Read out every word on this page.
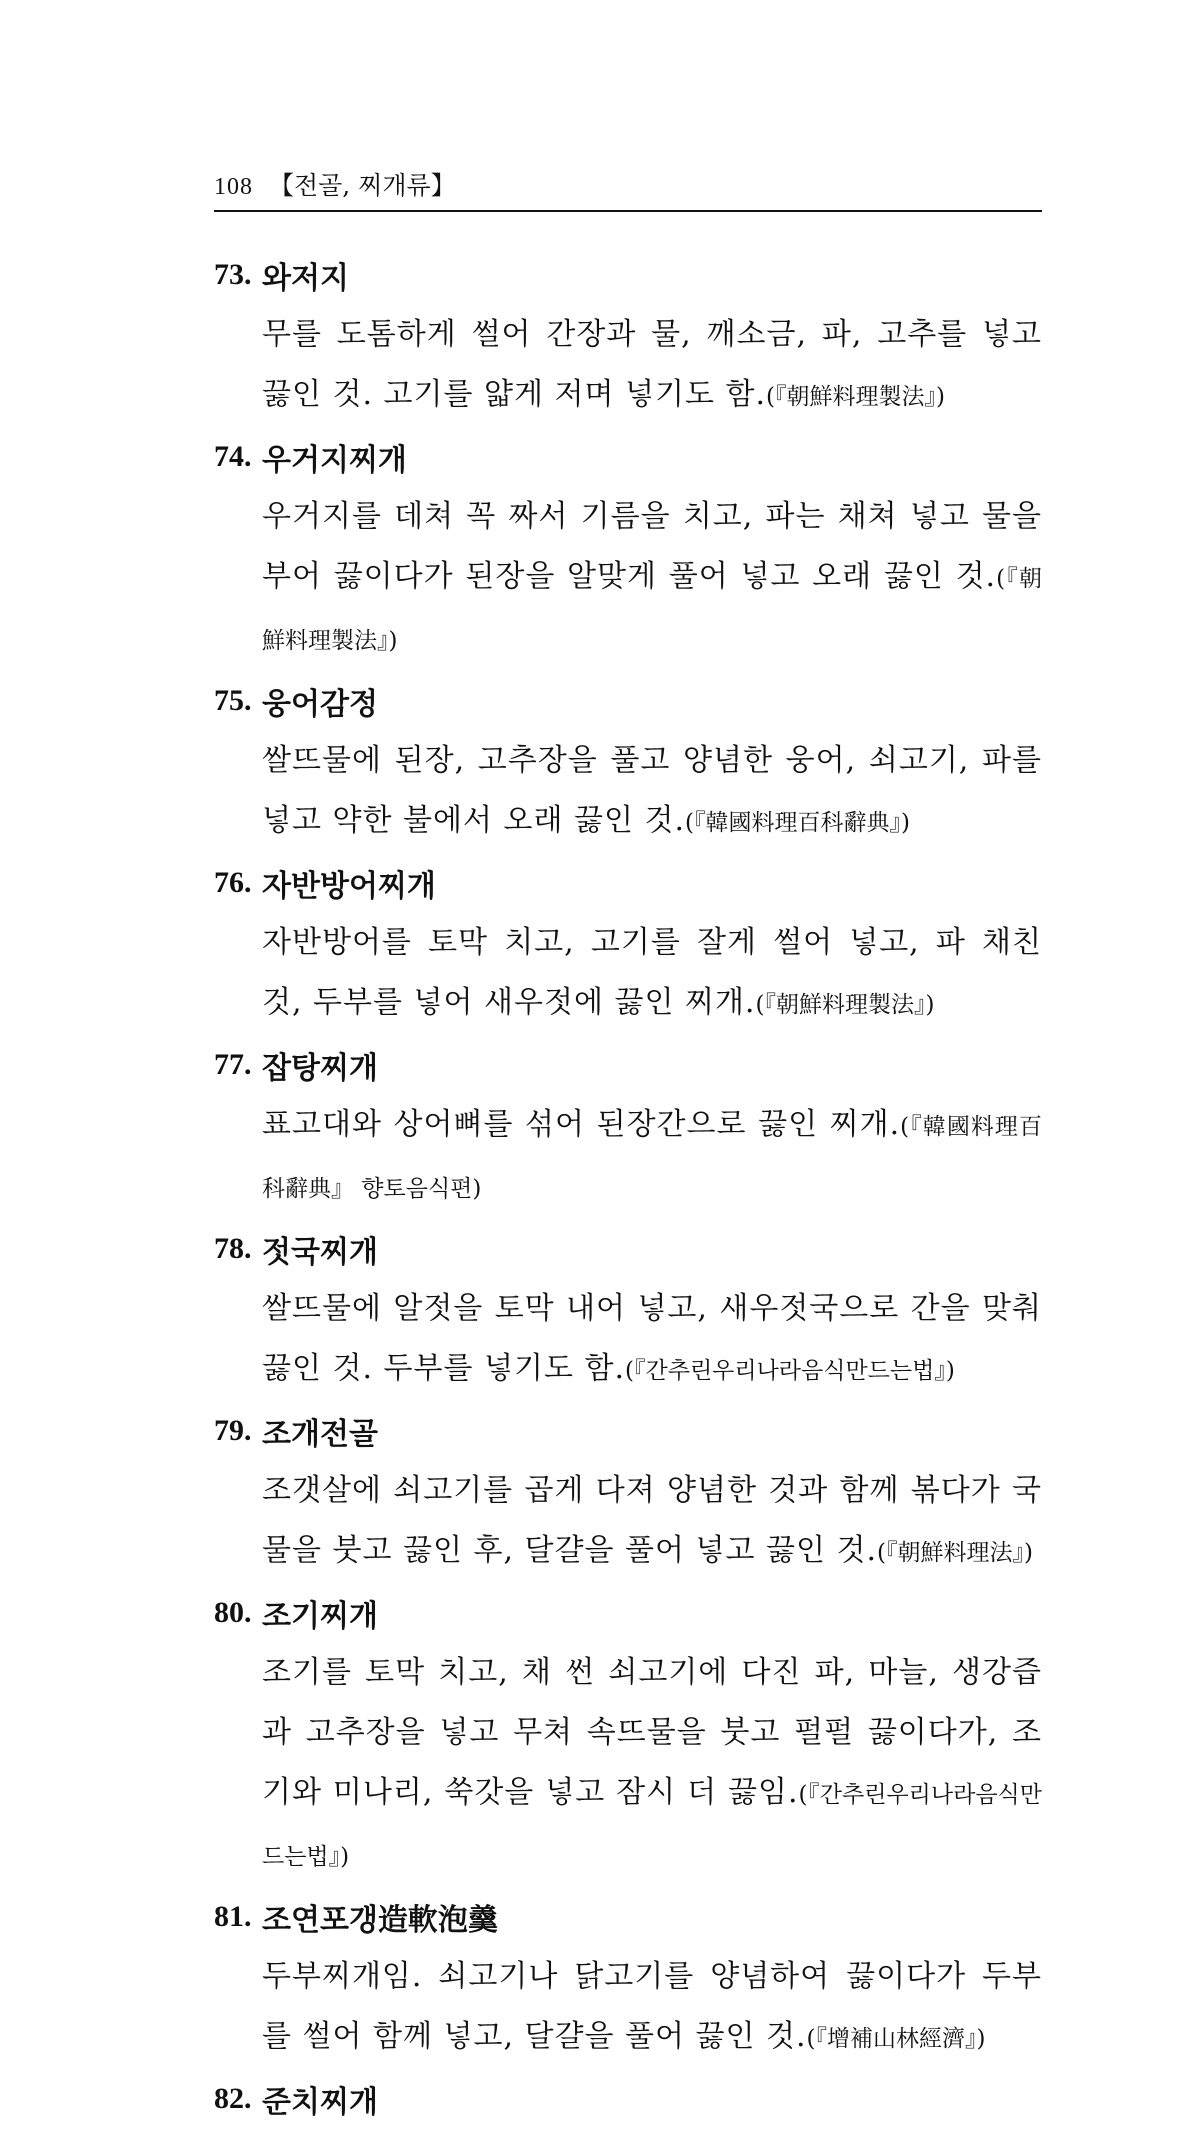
108 【전골, 찌개류】
73. 와저지
무를 도톰하게 썰어 간장과 물, 깨소금, 파, 고추를 넣고 끓인 것. 고기를 얇게 저며 넣기도 함.(『朝鮮料理製法』)
74. 우거지찌개
우거지를 데쳐 꼭 짜서 기름을 치고, 파는 채쳐 넣고 물을 부어 끓이다가 된장을 알맞게 풀어 넣고 오래 끓인 것.(『朝鮮料理製法』)
75. 웅어감정
쌀뜨물에 된장, 고추장을 풀고 양념한 웅어, 쇠고기, 파를 넣고 약한 불에서 오래 끓인 것.(『韓國料理百科辭典』)
76. 자반방어찌개
자반방어를 토막 치고, 고기를 잘게 썰어 넣고, 파 채친 것, 두부를 넣어 새우젓에 끓인 찌개.(『朝鮮料理製法』)
77. 잡탕찌개
표고대와 상어뼈를 섞어 된장간으로 끓인 찌개.(『韓國料理百科辭典』 향토음식편)
78. 젓국찌개
쌀뜨물에 알젓을 토막 내어 넣고, 새우젓국으로 간을 맞춰 끓인 것. 두부를 넣기도 함.(『간추린우리나라음식만드는법』)
79. 조개전골
조갯살에 쇠고기를 곱게 다져 양념한 것과 함께 볶다가 국물을 붓고 끓인 후, 달걀을 풀어 넣고 끓인 것.(『朝鮮料理法』)
80. 조기찌개
조기를 토막 치고, 채 썬 쇠고기에 다진 파, 마늘, 생강즙과 고추장을 넣고 무쳐 속뜨물을 붓고 펄펄 끓이다가, 조기와 미나리, 쑥갓을 넣고 잠시 더 끓임.(『간추린우리나라음식만드는법』)
81. 조연포갱造軟泡羹
두부찌개임. 쇠고기나 닭고기를 양념하여 끓이다가 두부를 썰어 함께 넣고, 달걀을 풀어 끓인 것.(『增補山林經濟』)
82. 준치찌개
